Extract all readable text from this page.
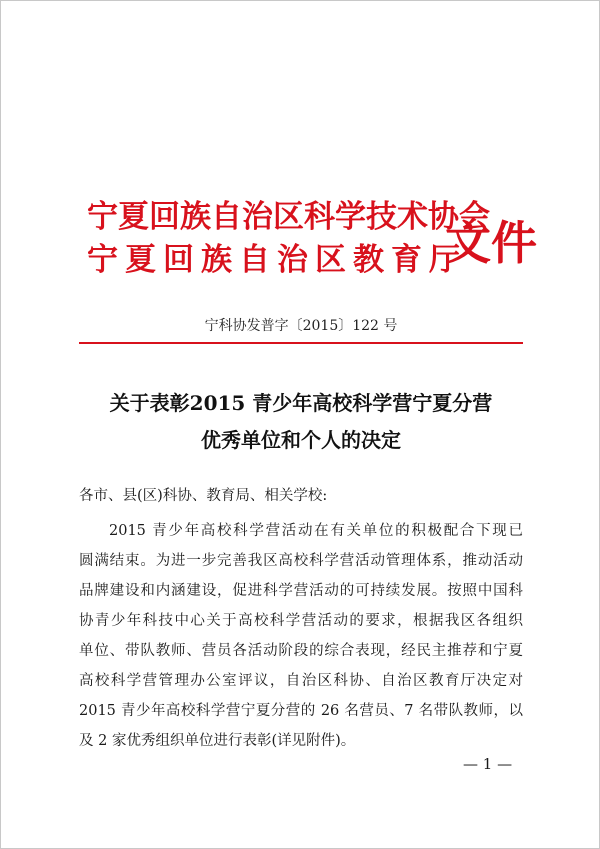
宁夏回族自治区科学技术协会
宁夏回族自治区教育厅
文件
宁科协发普字〔2015〕122 号
关于表彰2015 青少年高校科学营宁夏分营
优秀单位和个人的决定
各市、县(区)科协、教育局、相关学校:
2015 青少年高校科学营活动在有关单位的积极配合下现已
圆满结束。为进一步完善我区高校科学营活动管理体系，推动活动
品牌建设和内涵建设，促进科学营活动的可持续发展。按照中国科
协青少年科技中心关于高校科学营活动的要求，根据我区各组织
单位、带队教师、营员各活动阶段的综合表现，经民主推荐和宁夏
高校科学营管理办公室评议，自治区科协、自治区教育厅决定对
2015 青少年高校科学营宁夏分营的 26 名营员、7 名带队教师，以
及 2 家优秀组织单位进行表彰(详见附件)。
— 1 —
